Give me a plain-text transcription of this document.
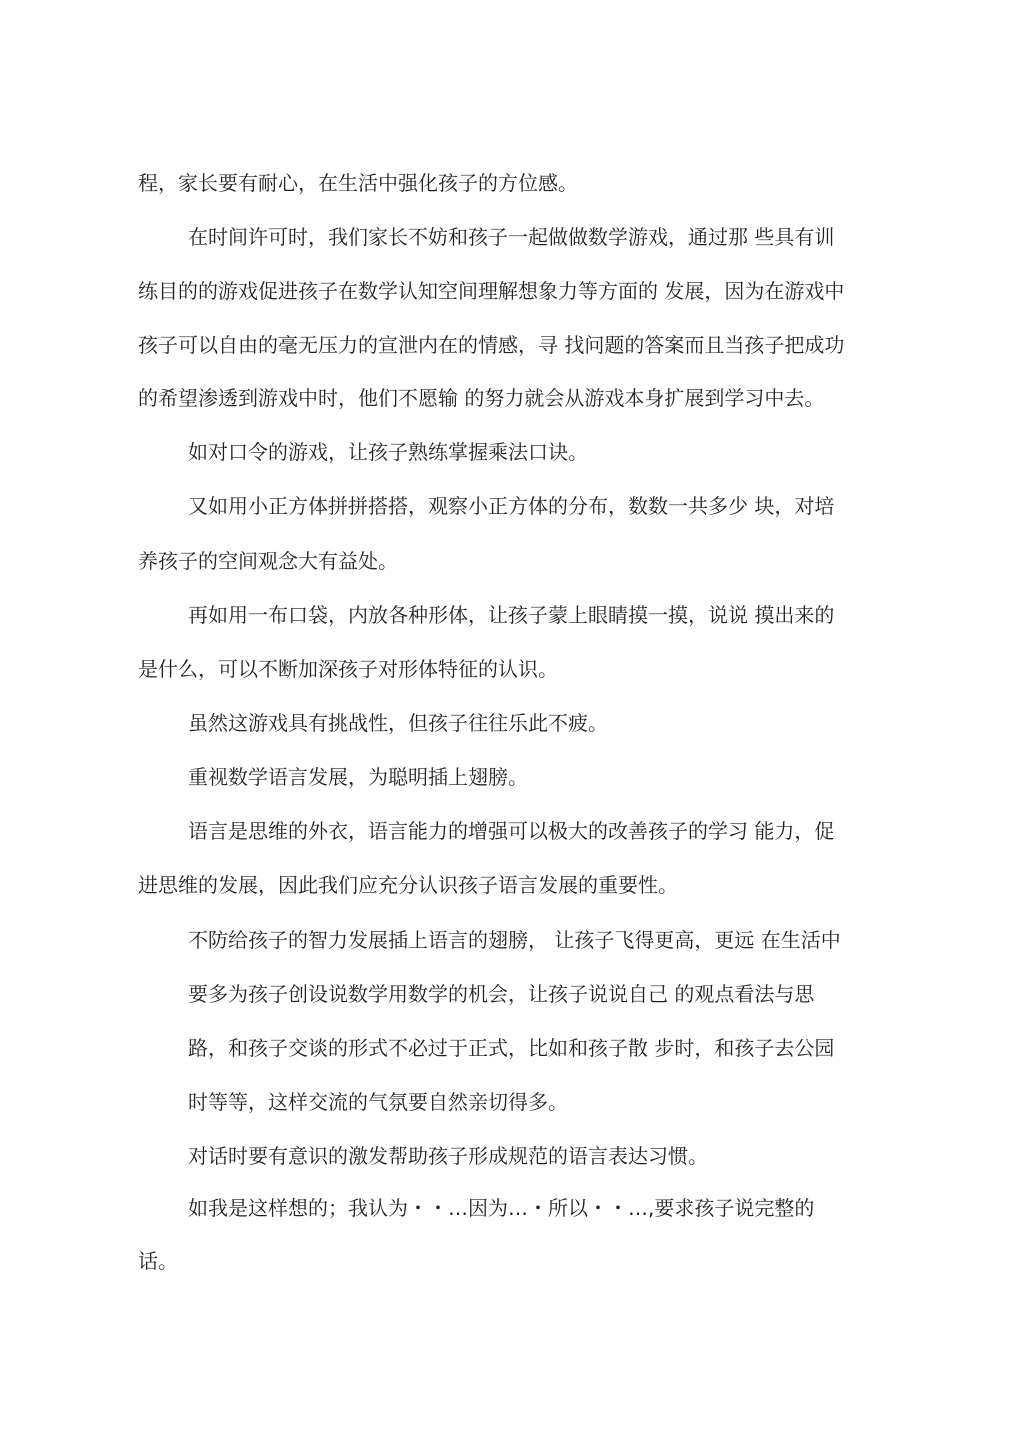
程，家长要有耐心，在生活中强化孩子的方位感。
在时间许可时，我们家长不妨和孩子一起做做数学游戏，通过那 些具有训
练目的的游戏促进孩子在数学认知空间理解想象力等方面的 发展，因为在游戏中
孩子可以自由的毫无压力的宣泄内在的情感，寻 找问题的答案而且当孩子把成功
的希望渗透到游戏中时，他们不愿输 的努力就会从游戏本身扩展到学习中去。
如对口令的游戏，让孩子熟练掌握乘法口诀。
又如用小正方体拼拼搭搭，观察小正方体的分布，数数一共多少 块，对培
养孩子的空间观念大有益处。
再如用一布口袋，内放各种形体，让孩子蒙上眼睛摸一摸，说说 摸出来的
是什么，可以不断加深孩子对形体特征的认识。
虽然这游戏具有挑战性，但孩子往往乐此不疲。
重视数学语言发展，为聪明插上翅膀。
语言是思维的外衣，语言能力的增强可以极大的改善孩子的学习 能力，促
进思维的发展，因此我们应充分认识孩子语言发展的重要性。
不防给孩子的智力发展插上语言的翅膀， 让孩子飞得更高，更远 在生活中
要多为孩子创设说数学用数学的机会，让孩子说说自己 的观点看法与思
路，和孩子交谈的形式不必过于正式，比如和孩子散 步时，和孩子去公园
时等等，这样交流的气氛要自然亲切得多。
对话时要有意识的激发帮助孩子形成规范的语言表达习惯。
如我是这样想的；我认为・・…因为…・所以・・…,要求孩子说完整的
话。
